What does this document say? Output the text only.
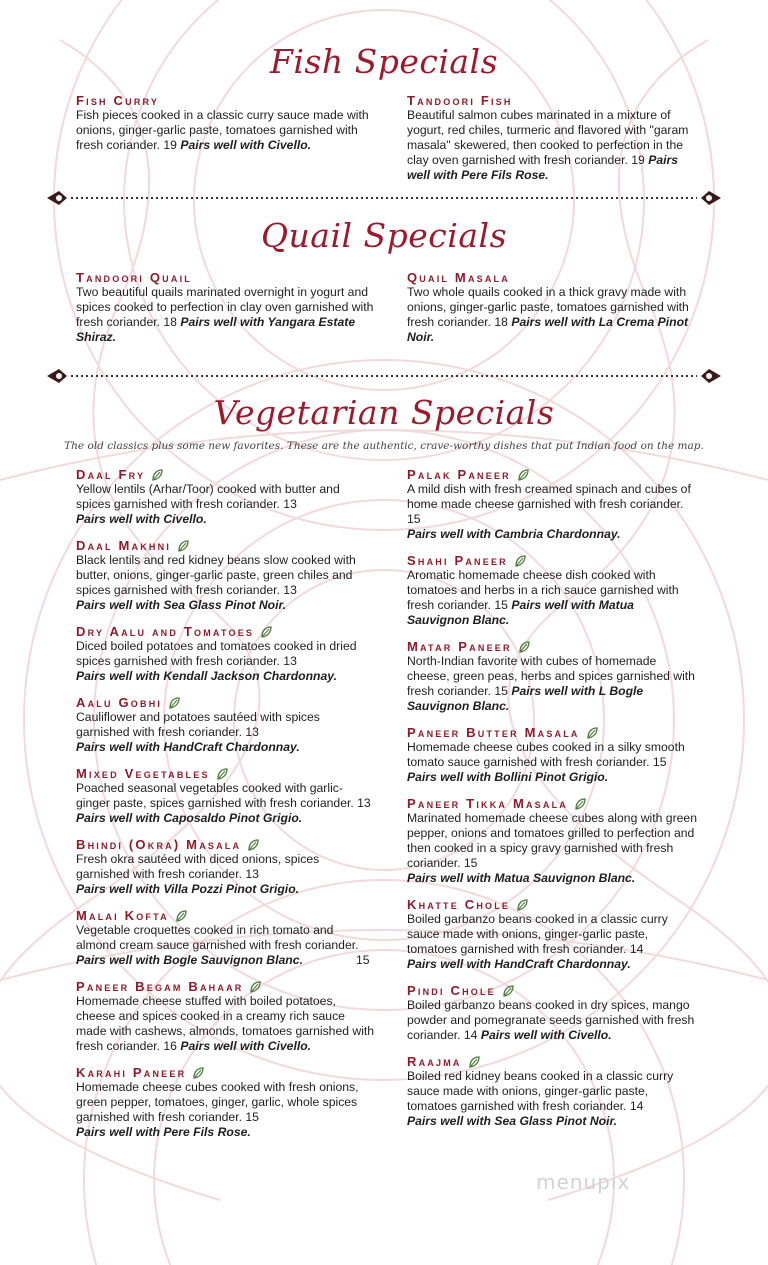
Fish Specials
Fish Curry
Fish pieces cooked in a classic curry sauce made with onions, ginger-garlic paste, tomatoes garnished with fresh coriander. 19 Pairs well with Civello.
Tandoori Fish
Beautiful salmon cubes marinated in a mixture of yogurt, red chiles, turmeric and flavored with "garam masala" skewered, then cooked to perfection in the clay oven garnished with fresh coriander. 19 Pairs well with Pere Fils Rose.
Quail Specials
Tandoori Quail
Two beautiful quails marinated overnight in yogurt and spices cooked to perfection in clay oven garnished with fresh coriander. 18 Pairs well with Yangara Estate Shiraz.
Quail Masala
Two whole quails cooked in a thick gravy made with onions, ginger-garlic paste, tomatoes garnished with fresh coriander. 18 Pairs well with La Crema Pinot Noir.
Vegetarian Specials
The old classics plus some new favorites. These are the authentic, crave-worthy dishes that put Indian food on the map.
Daal Fry
Yellow lentils (Arhar/Toor) cooked with butter and spices garnished with fresh coriander. 13
Pairs well with Civello.
Daal Makhni
Black lentils and red kidney beans slow cooked with butter, onions, ginger-garlic paste, green chiles and spices garnished with fresh coriander. 13
Pairs well with Sea Glass Pinot Noir.
Dry Aalu and Tomatoes
Diced boiled potatoes and tomatoes cooked in dried spices garnished with fresh coriander. 13
Pairs well with Kendall Jackson Chardonnay.
Aalu Gobhi
Cauliflower and potatoes sautéed with spices garnished with fresh coriander. 13
Pairs well with HandCraft Chardonnay.
Mixed Vegetables
Poached seasonal vegetables cooked with garlic-ginger paste, spices garnished with fresh coriander. 13
Pairs well with Caposaldo Pinot Grigio.
Bhindi (Okra) Masala
Fresh okra sautéed with diced onions, spices garnished with fresh coriander. 13
Pairs well with Villa Pozzi Pinot Grigio.
Malai Kofta
Vegetable croquettes cooked in rich tomato and almond cream sauce garnished with fresh coriander.
Pairs well with Bogle Sauvignon Blanc.	15
Paneer Begam Bahaar
Homemade cheese stuffed with boiled potatoes, cheese and spices cooked in a creamy rich sauce made with cashews, almonds, tomatoes garnished with fresh coriander. 16 Pairs well with Civello.
Karahi Paneer
Homemade cheese cubes cooked with fresh onions, green pepper, tomatoes, ginger, garlic, whole spices garnished with fresh coriander. 15
Pairs well with Pere Fils Rose.
Palak Paneer
A mild dish with fresh creamed spinach and cubes of home made cheese garnished with fresh coriander. 15
Pairs well with Cambria Chardonnay.
Shahi Paneer
Aromatic homemade cheese dish cooked with tomatoes and herbs in a rich sauce garnished with fresh coriander. 15 Pairs well with Matua Sauvignon Blanc.
Matar Paneer
North-Indian favorite with cubes of homemade cheese, green peas, herbs and spices garnished with fresh coriander. 15 Pairs well with L Bogle Sauvignon Blanc.
Paneer Butter Masala
Homemade cheese cubes cooked in a silky smooth tomato sauce garnished with fresh coriander. 15 Pairs well with Bollini Pinot Grigio.
Paneer Tikka Masala
Marinated homemade cheese cubes along with green pepper, onions and tomatoes grilled to perfection and then cooked in a spicy gravy garnished with fresh coriander. 15
Pairs well with Matua Sauvignon Blanc.
Khatte Chole
Boiled garbanzo beans cooked in a classic curry sauce made with onions, ginger-garlic paste, tomatoes garnished with fresh coriander. 14
Pairs well with HandCraft Chardonnay.
Pindi Chole
Boiled garbanzo beans cooked in dry spices, mango powder and pomegranate seeds garnished with fresh coriander. 14 Pairs well with Civello.
Raajma
Boiled red kidney beans cooked in a classic curry sauce made with onions, ginger-garlic paste, tomatoes garnished with fresh coriander. 14
Pairs well with Sea Glass Pinot Noir.
menupix
